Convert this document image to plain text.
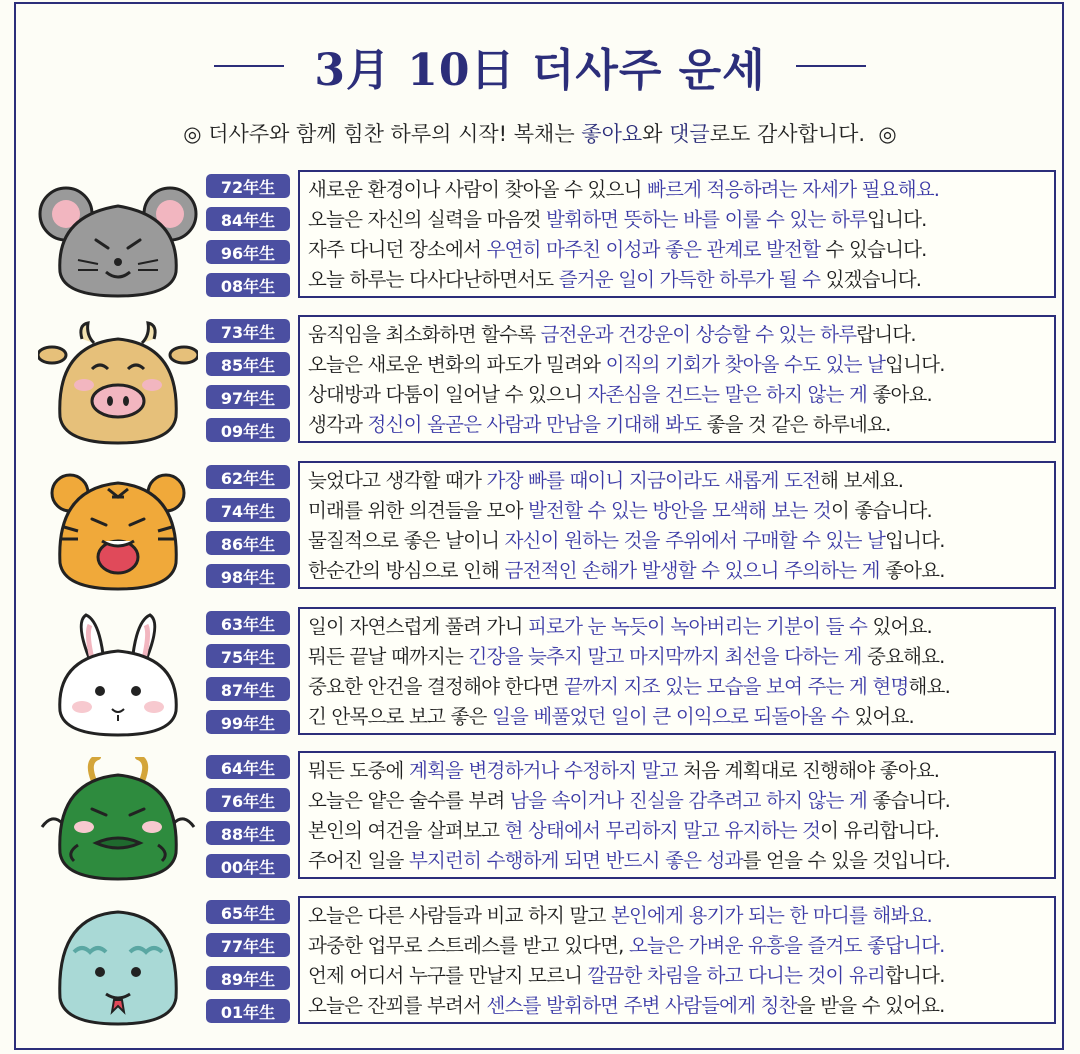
3月 10日 더사주 운세
◎ 더사주와 함께 힘찬 하루의 시작! 복채는 좋아요와 댓글로도 감사합니다. ◎
72年生
84年生
96年生
08年生
새로운 환경이나 사람이 찾아올 수 있으니 빠르게 적응하려는 자세가 필요해요.
오늘은 자신의 실력을 마음껏 발휘하면 뜻하는 바를 이룰 수 있는 하루입니다.
자주 다니던 장소에서 우연히 마주친 이성과 좋은 관계로 발전할 수 있습니다.
오늘 하루는 다사다난하면서도 즐거운 일이 가득한 하루가 될 수 있겠습니다.
73年生
85年生
97年生
09年生
움직임을 최소화하면 할수록 금전운과 건강운이 상승할 수 있는 하루랍니다.
오늘은 새로운 변화의 파도가 밀려와 이직의 기회가 찾아올 수도 있는 날입니다.
상대방과 다툼이 일어날 수 있으니 자존심을 건드는 말은 하지 않는 게 좋아요.
생각과 정신이 올곧은 사람과 만남을 기대해 봐도 좋을 것 같은 하루네요.
62年生
74年生
86年生
98年生
늦었다고 생각할 때가 가장 빠를 때이니 지금이라도 새롭게 도전해 보세요.
미래를 위한 의견들을 모아 발전할 수 있는 방안을 모색해 보는 것이 좋습니다.
물질적으로 좋은 날이니 자신이 원하는 것을 주위에서 구매할 수 있는 날입니다.
한순간의 방심으로 인해 금전적인 손해가 발생할 수 있으니 주의하는 게 좋아요.
63年生
75年生
87年生
99年生
일이 자연스럽게 풀려 가니 피로가 눈 녹듯이 녹아버리는 기분이 들 수 있어요.
뭐든 끝날 때까지는 긴장을 늦추지 말고 마지막까지 최선을 다하는 게 중요해요.
중요한 안건을 결정해야 한다면 끝까지 지조 있는 모습을 보여 주는 게 현명해요.
긴 안목으로 보고 좋은 일을 베풀었던 일이 큰 이익으로 되돌아올 수 있어요.
64年生
76年生
88年生
00年生
뭐든 도중에 계획을 변경하거나 수정하지 말고 처음 계획대로 진행해야 좋아요.
오늘은 얕은 술수를 부려 남을 속이거나 진실을 감추려고 하지 않는 게 좋습니다.
본인의 여건을 살펴보고 현 상태에서 무리하지 말고 유지하는 것이 유리합니다.
주어진 일을 부지런히 수행하게 되면 반드시 좋은 성과를 얻을 수 있을 것입니다.
65年生
77年生
89年生
01年生
오늘은 다른 사람들과 비교 하지 말고 본인에게 용기가 되는 한 마디를 해봐요.
과중한 업무로 스트레스를 받고 있다면, 오늘은 가벼운 유흥을 즐겨도 좋답니다.
언제 어디서 누구를 만날지 모르니 깔끔한 차림을 하고 다니는 것이 유리합니다.
오늘은 잔꾀를 부려서 센스를 발휘하면 주변 사람들에게 칭찬을 받을 수 있어요.
